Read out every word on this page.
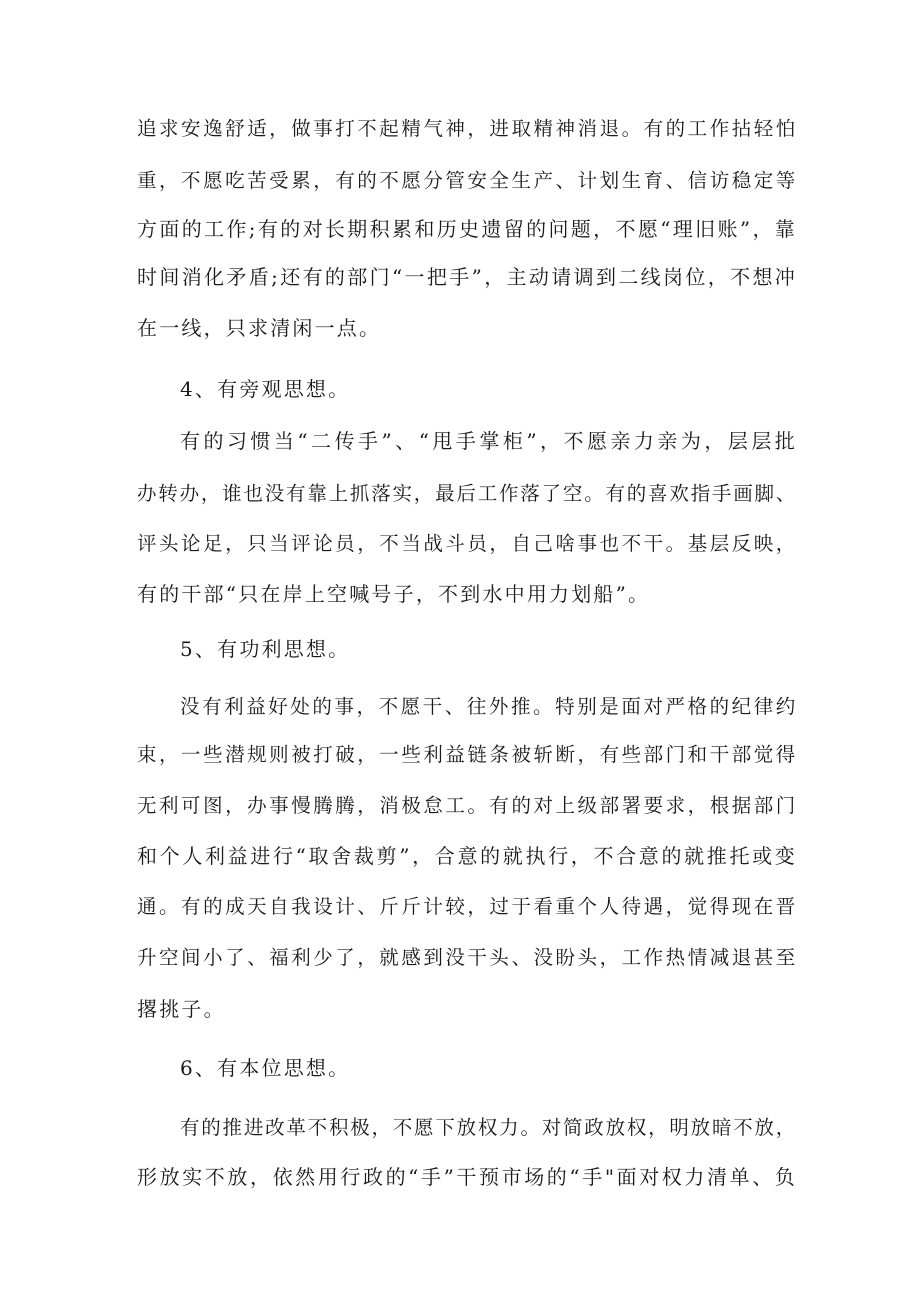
追求安逸舒适，做事打不起精气神，进取精神消退。有的工作拈轻怕

重，不愿吃苦受累，有的不愿分管安全生产、计划生育、信访稳定等

方面的工作;有的对长期积累和历史遗留的问题，不愿“理旧账”，靠

时间消化矛盾;还有的部门“一把手”，主动请调到二线岗位，不想冲

在一线，只求清闲一点。

4、有旁观思想。

有的习惯当“二传手”、“甩手掌柜”，不愿亲力亲为，层层批

办转办，谁也没有靠上抓落实，最后工作落了空。有的喜欢指手画脚、

评头论足，只当评论员，不当战斗员，自己啥事也不干。基层反映，

有的干部“只在岸上空喊号子，不到水中用力划船”。

5、有功利思想。

没有利益好处的事，不愿干、往外推。特别是面对严格的纪律约

束，一些潜规则被打破，一些利益链条被斩断，有些部门和干部觉得

无利可图，办事慢腾腾，消极怠工。有的对上级部署要求，根据部门

和个人利益进行“取舍裁剪”，合意的就执行，不合意的就推托或变

通。有的成天自我设计、斤斤计较，过于看重个人待遇，觉得现在晋

升空间小了、福利少了，就感到没干头、没盼头，工作热情减退甚至

撂挑子。

6、有本位思想。

有的推进改革不积极，不愿下放权力。对简政放权，明放暗不放，

形放实不放，依然用行政的“手”干预市场的“手"面对权力清单、负
